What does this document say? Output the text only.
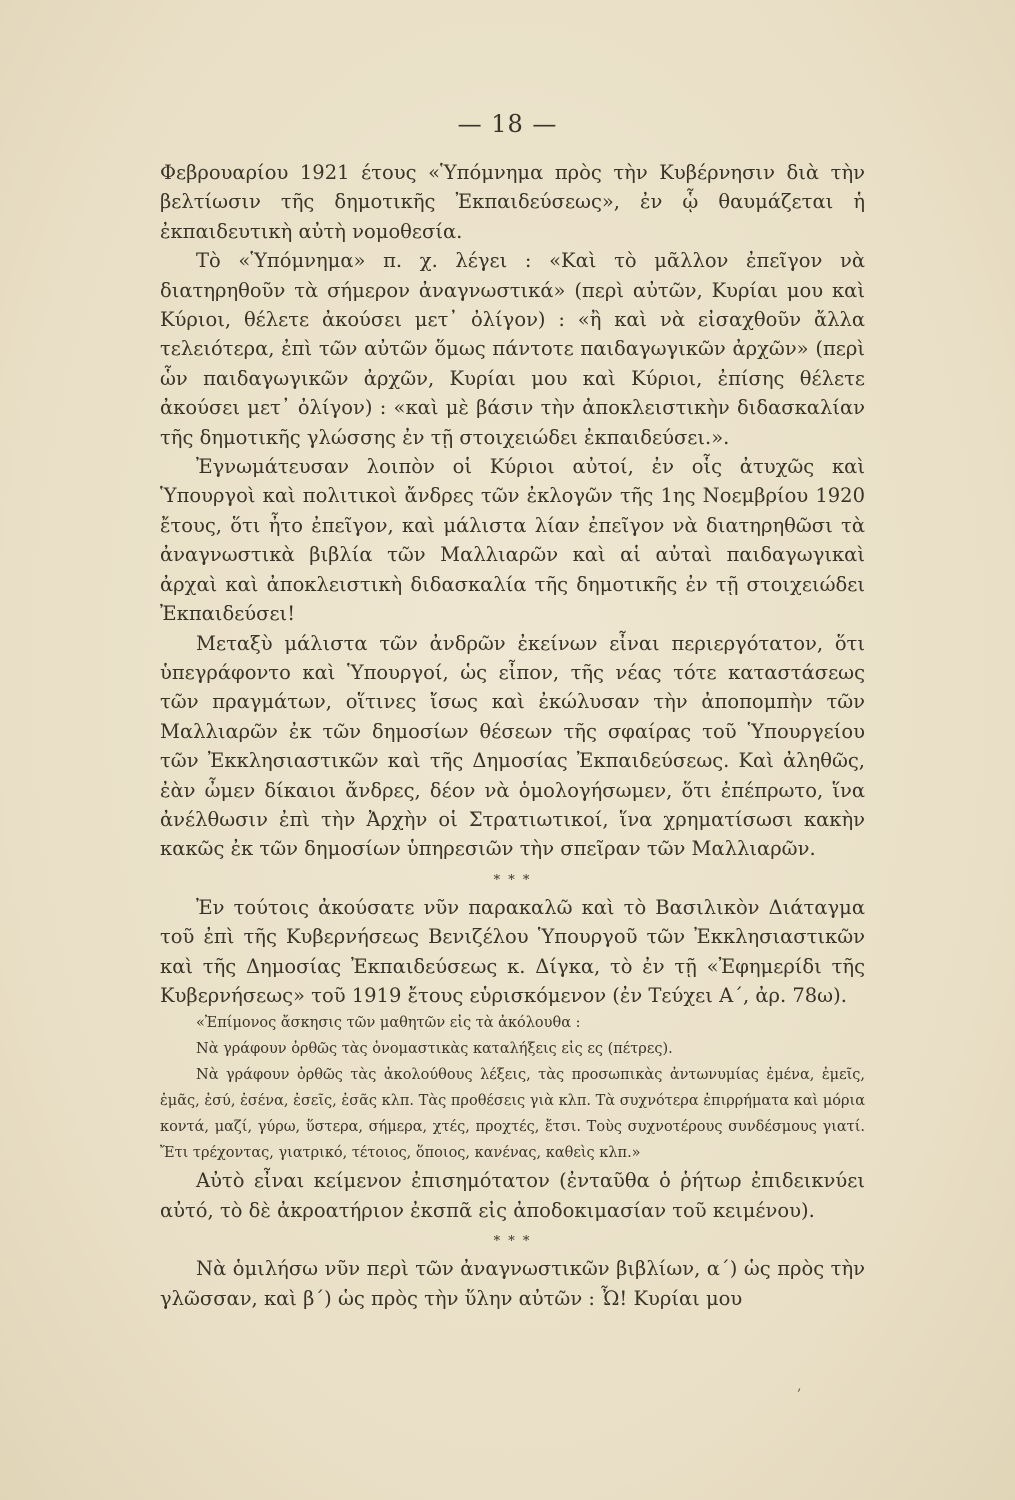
— 18 —

Φεβρουαρίου 1921 έτους «Ὑπόμνημα πρὸς τὴν Κυβέρνησιν διὰ τὴν βελτίωσιν τῆς δημοτικῆς Ἐκπαιδεύσεως», ἐν ᾧ θαυμάζεται ἡ ἐκπαιδευτικὴ αὐτὴ νομοθεσία.

Τὸ «Ὑπόμνημα» π. χ. λέγει : «Καὶ τὸ μᾶλλον ἐπεῖγον νὰ διατηρηθοῦν τὰ σήμερον ἀναγνωστικά» (περὶ αὐτῶν, Κυρίαι μου καὶ Κύριοι, θέλετε ἀκούσει μετ᾽ ὀλίγον) : «ἢ καὶ νὰ εἰσαχθοῦν ἄλλα τελειότερα, ἐπὶ τῶν αὐτῶν ὅμως πάντοτε παιδαγωγικῶν ἀρχῶν» (περὶ ὧν παιδαγωγικῶν ἀρχῶν, Κυρίαι μου καὶ Κύριοι, ἐπίσης θέλετε ἀκούσει μετ᾽ ὀλίγον) : «καὶ μὲ βάσιν τὴν ἀποκλειστικὴν διδασκαλίαν τῆς δημοτικῆς γλώσσης ἐν τῇ στοιχειώδει ἐκπαιδεύσει.».

Ἐγνωμάτευσαν λοιπὸν οἱ Κύριοι αὐτοί, ἐν οἷς ἀτυχῶς καὶ Ὑπουργοὶ καὶ πολιτικοὶ ἄνδρες τῶν ἐκλογῶν τῆς 1ης Νοεμβρίου 1920 ἔτους, ὅτι ἦτο ἐπεῖγον, καὶ μάλιστα λίαν ἐπεῖγον νὰ διατηρηθῶσι τὰ ἀναγνωστικὰ βιβλία τῶν Μαλλιαρῶν καὶ αἱ αὐταὶ παιδαγωγικαὶ ἀρχαὶ καὶ ἀποκλειστικὴ διδασκαλία τῆς δημοτικῆς ἐν τῇ στοιχειώδει Ἐκπαιδεύσει!

Μεταξὺ μάλιστα τῶν ἀνδρῶν ἐκείνων εἶναι περιεργότατον, ὅτι ὑπεγράφοντο καὶ Ὑπουργοί, ὡς εἶπον, τῆς νέας τότε καταστάσεως τῶν πραγμάτων, οἵτινες ἴσως καὶ ἐκώλυσαν τὴν ἀποπομπὴν τῶν Μαλλιαρῶν ἐκ τῶν δημοσίων θέσεων τῆς σφαίρας τοῦ Ὑπουργείου τῶν Ἐκκλησιαστικῶν καὶ τῆς Δημοσίας Ἐκπαιδεύσεως. Καὶ ἀληθῶς, ἐὰν ὦμεν δίκαιοι ἄνδρες, δέον νὰ ὁμολογήσωμεν, ὅτι ἐπέπρωτο, ἵνα ἀνέλθωσιν ἐπὶ τὴν Ἀρχὴν οἱ Στρατιωτικοί, ἵνα χρηματίσωσι κακὴν κακῶς ἐκ τῶν δημοσίων ὑπηρεσιῶν τὴν σπεῖραν τῶν Μαλλιαρῶν.

* * *

Ἐν τούτοις ἀκούσατε νῦν παρακαλῶ καὶ τὸ Βασιλικὸν Διάταγμα τοῦ ἐπὶ τῆς Κυβερνήσεως Βενιζέλου Ὑπουργοῦ τῶν Ἐκκλησιαστικῶν καὶ τῆς Δημοσίας Ἐκπαιδεύσεως κ. Δίγκα, τὸ ἐν τῇ «Ἐφημερίδι τῆς Κυβερνήσεως» τοῦ 1919 ἔτους εὑρισκόμενον (ἐν Τεύχει Α΄, ἀρ. 78ω).

«Ἐπίμονος ἄσκησις τῶν μαθητῶν εἰς τὰ ἀκόλουθα :

Νὰ γράφουν ὀρθῶς τὰς ὀνομαστικὰς καταλήξεις εἰς ες (πέτρες).

Νὰ γράφουν ὀρθῶς τὰς ἀκολούθους λέξεις, τὰς προσωπικὰς ἀντωνυμίας ἐμένα, ἐμεῖς, ἐμᾶς, ἐσύ, ἐσένα, ἐσεῖς, ἐσᾶς κλπ. Τὰς προθέσεις γιὰ κλπ. Τὰ συχνότερα ἐπιρρήματα καὶ μόρια κοντά, μαζί, γύρω, ὕστερα, σήμερα, χτές, προχτές, ἔτσι. Τοὺς συχνοτέρους συνδέσμους γιατί. Ἔτι τρέχοντας, γιατρικό, τέτοιος, ὅποιος, κανένας, καθεὶς κλπ.»

Αὐτὸ εἶναι κείμενον ἐπισημότατον (ἐνταῦθα ὁ ῥήτωρ ἐπιδεικνύει αὐτό, τὸ δὲ ἀκροατήριον ἐκσπᾶ εἰς ἀποδοκιμασίαν τοῦ κειμένου).

* * *

Νὰ ὁμιλήσω νῦν περὶ τῶν ἀναγνωστικῶν βιβλίων, α΄) ὡς πρὸς τὴν γλῶσσαν, καὶ β΄) ὡς πρὸς τὴν ὕλην αὐτῶν : Ὦ! Κυρίαι μου

‚
